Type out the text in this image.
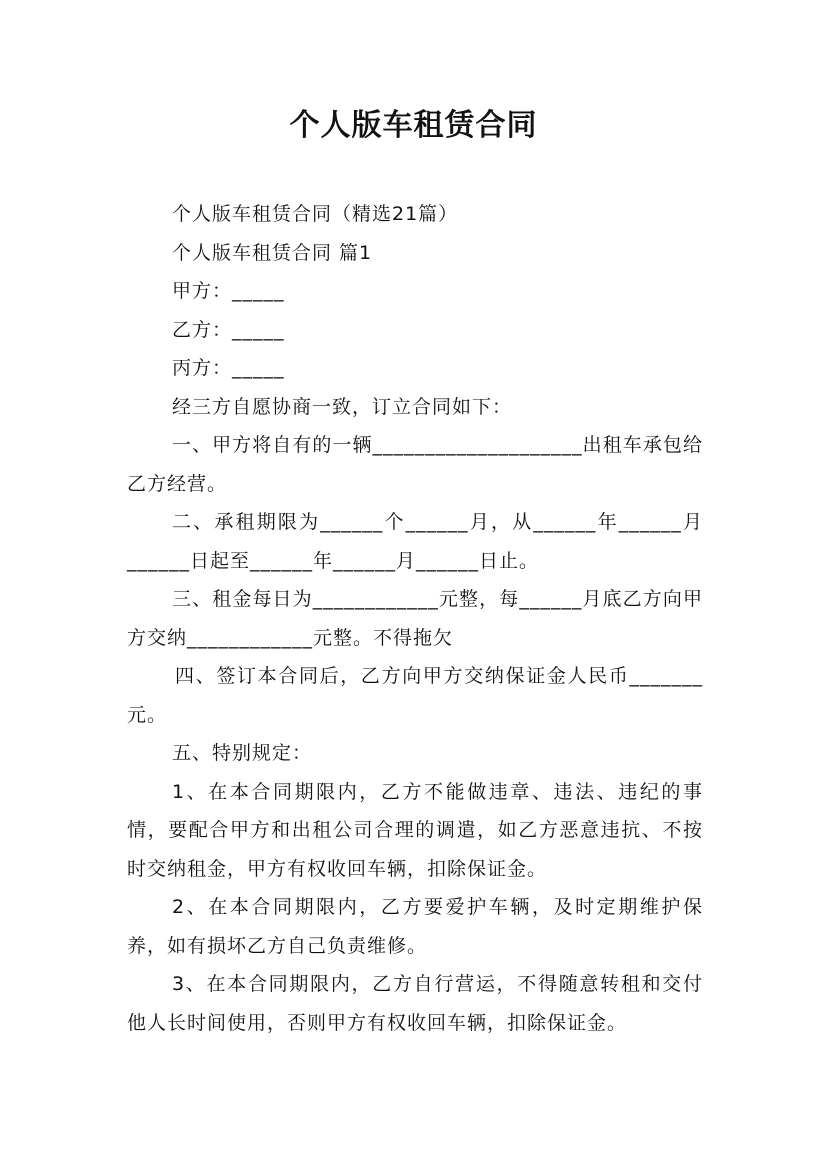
个人版车租赁合同

个人版车租赁合同（精选21篇）

个人版车租赁合同 篇1

甲方：_____

乙方：_____

丙方：_____

经三方自愿协商一致，订立合同如下：

一、甲方将自有的一辆____________________出租车承包给乙方经营。

二、承租期限为______个______月，从______年______月______日起至______年______月______日止。

三、租金每日为____________元整，每______月底乙方向甲方交纳____________元整。不得拖欠

四、签订本合同后，乙方向甲方交纳保证金人民币_______元。

五、特别规定：

1、在本合同期限内，乙方不能做违章、违法、违纪的事情，要配合甲方和出租公司合理的调遣，如乙方恶意违抗、不按时交纳租金，甲方有权收回车辆，扣除保证金。

2、在本合同期限内，乙方要爱护车辆，及时定期维护保养，如有损坏乙方自己负责维修。

3、在本合同期限内，乙方自行营运，不得随意转租和交付他人长时间使用，否则甲方有权收回车辆，扣除保证金。
